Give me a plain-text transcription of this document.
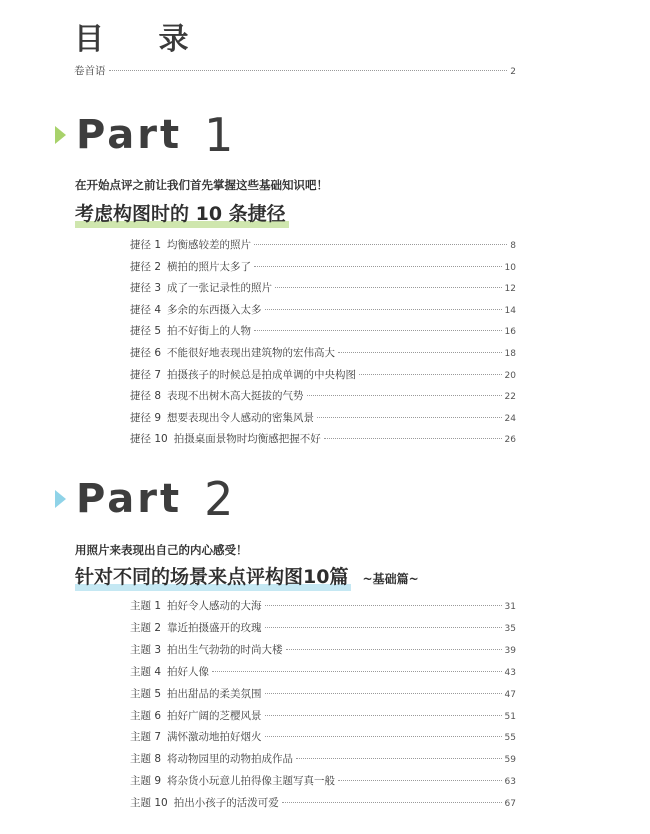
目 录
卷首语	2
Part 1
在开始点评之前让我们首先掌握这些基础知识吧！
考虑构图时的 10 条捷径
捷径 1 均衡感较差的照片	8
捷径 2 横拍的照片太多了	10
捷径 3 成了一张记录性的照片	12
捷径 4 多余的东西摄入太多	14
捷径 5 拍不好街上的人物	16
捷径 6 不能很好地表现出建筑物的宏伟高大	18
捷径 7 拍摄孩子的时候总是拍成单调的中央构图	20
捷径 8 表现不出树木高大挺拔的气势	22
捷径 9 想要表现出令人感动的密集风景	24
捷径 10 拍摄桌面景物时均衡感把握不好	26
Part 2
用照片来表现出自己的内心感受！
针对不同的场景来点评构图10篇 ~基础篇~
主题 1 拍好令人感动的大海	31
主题 2 靠近拍摄盛开的玫瑰	35
主题 3 拍出生气勃勃的时尚大楼	39
主题 4 拍好人像	43
主题 5 拍出甜品的柔美氛围	47
主题 6 拍好广阔的芝樱风景	51
主题 7 满怀激动地拍好烟火	55
主题 8 将动物园里的动物拍成作品	59
主题 9 将杂货小玩意儿拍得像主题写真一般	63
主题 10 拍出小孩子的活泼可爱	67
